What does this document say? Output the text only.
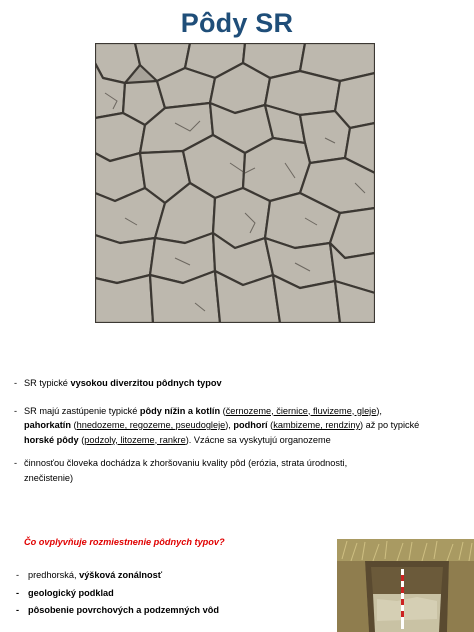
Pôdy SR
- SR typické vysokou diverzitou pôdnych typov
- SR majú zastúpenie typické pôdy nížin a kotlín (černozeme, čiernice, fluvizeme, gleje),
pahorkatín (hnedozeme, regozeme, pseudogleje), podhorí (kambizeme, rendziny) až po typické
horské pôdy (podzoly, litozeme, rankre). Vzácne sa vyskytujú organozeme
- činnosťou človeka dochádza k zhoršovaniu kvality pôd (erózia, strata úrodnosti,
znečistenie)
Čo ovplyvňuje rozmiestnenie pôdnych typov?
- predhorská, výšková zonálnosť
- geologický podklad
- pôsobenie povrchových a podzemných vôd
